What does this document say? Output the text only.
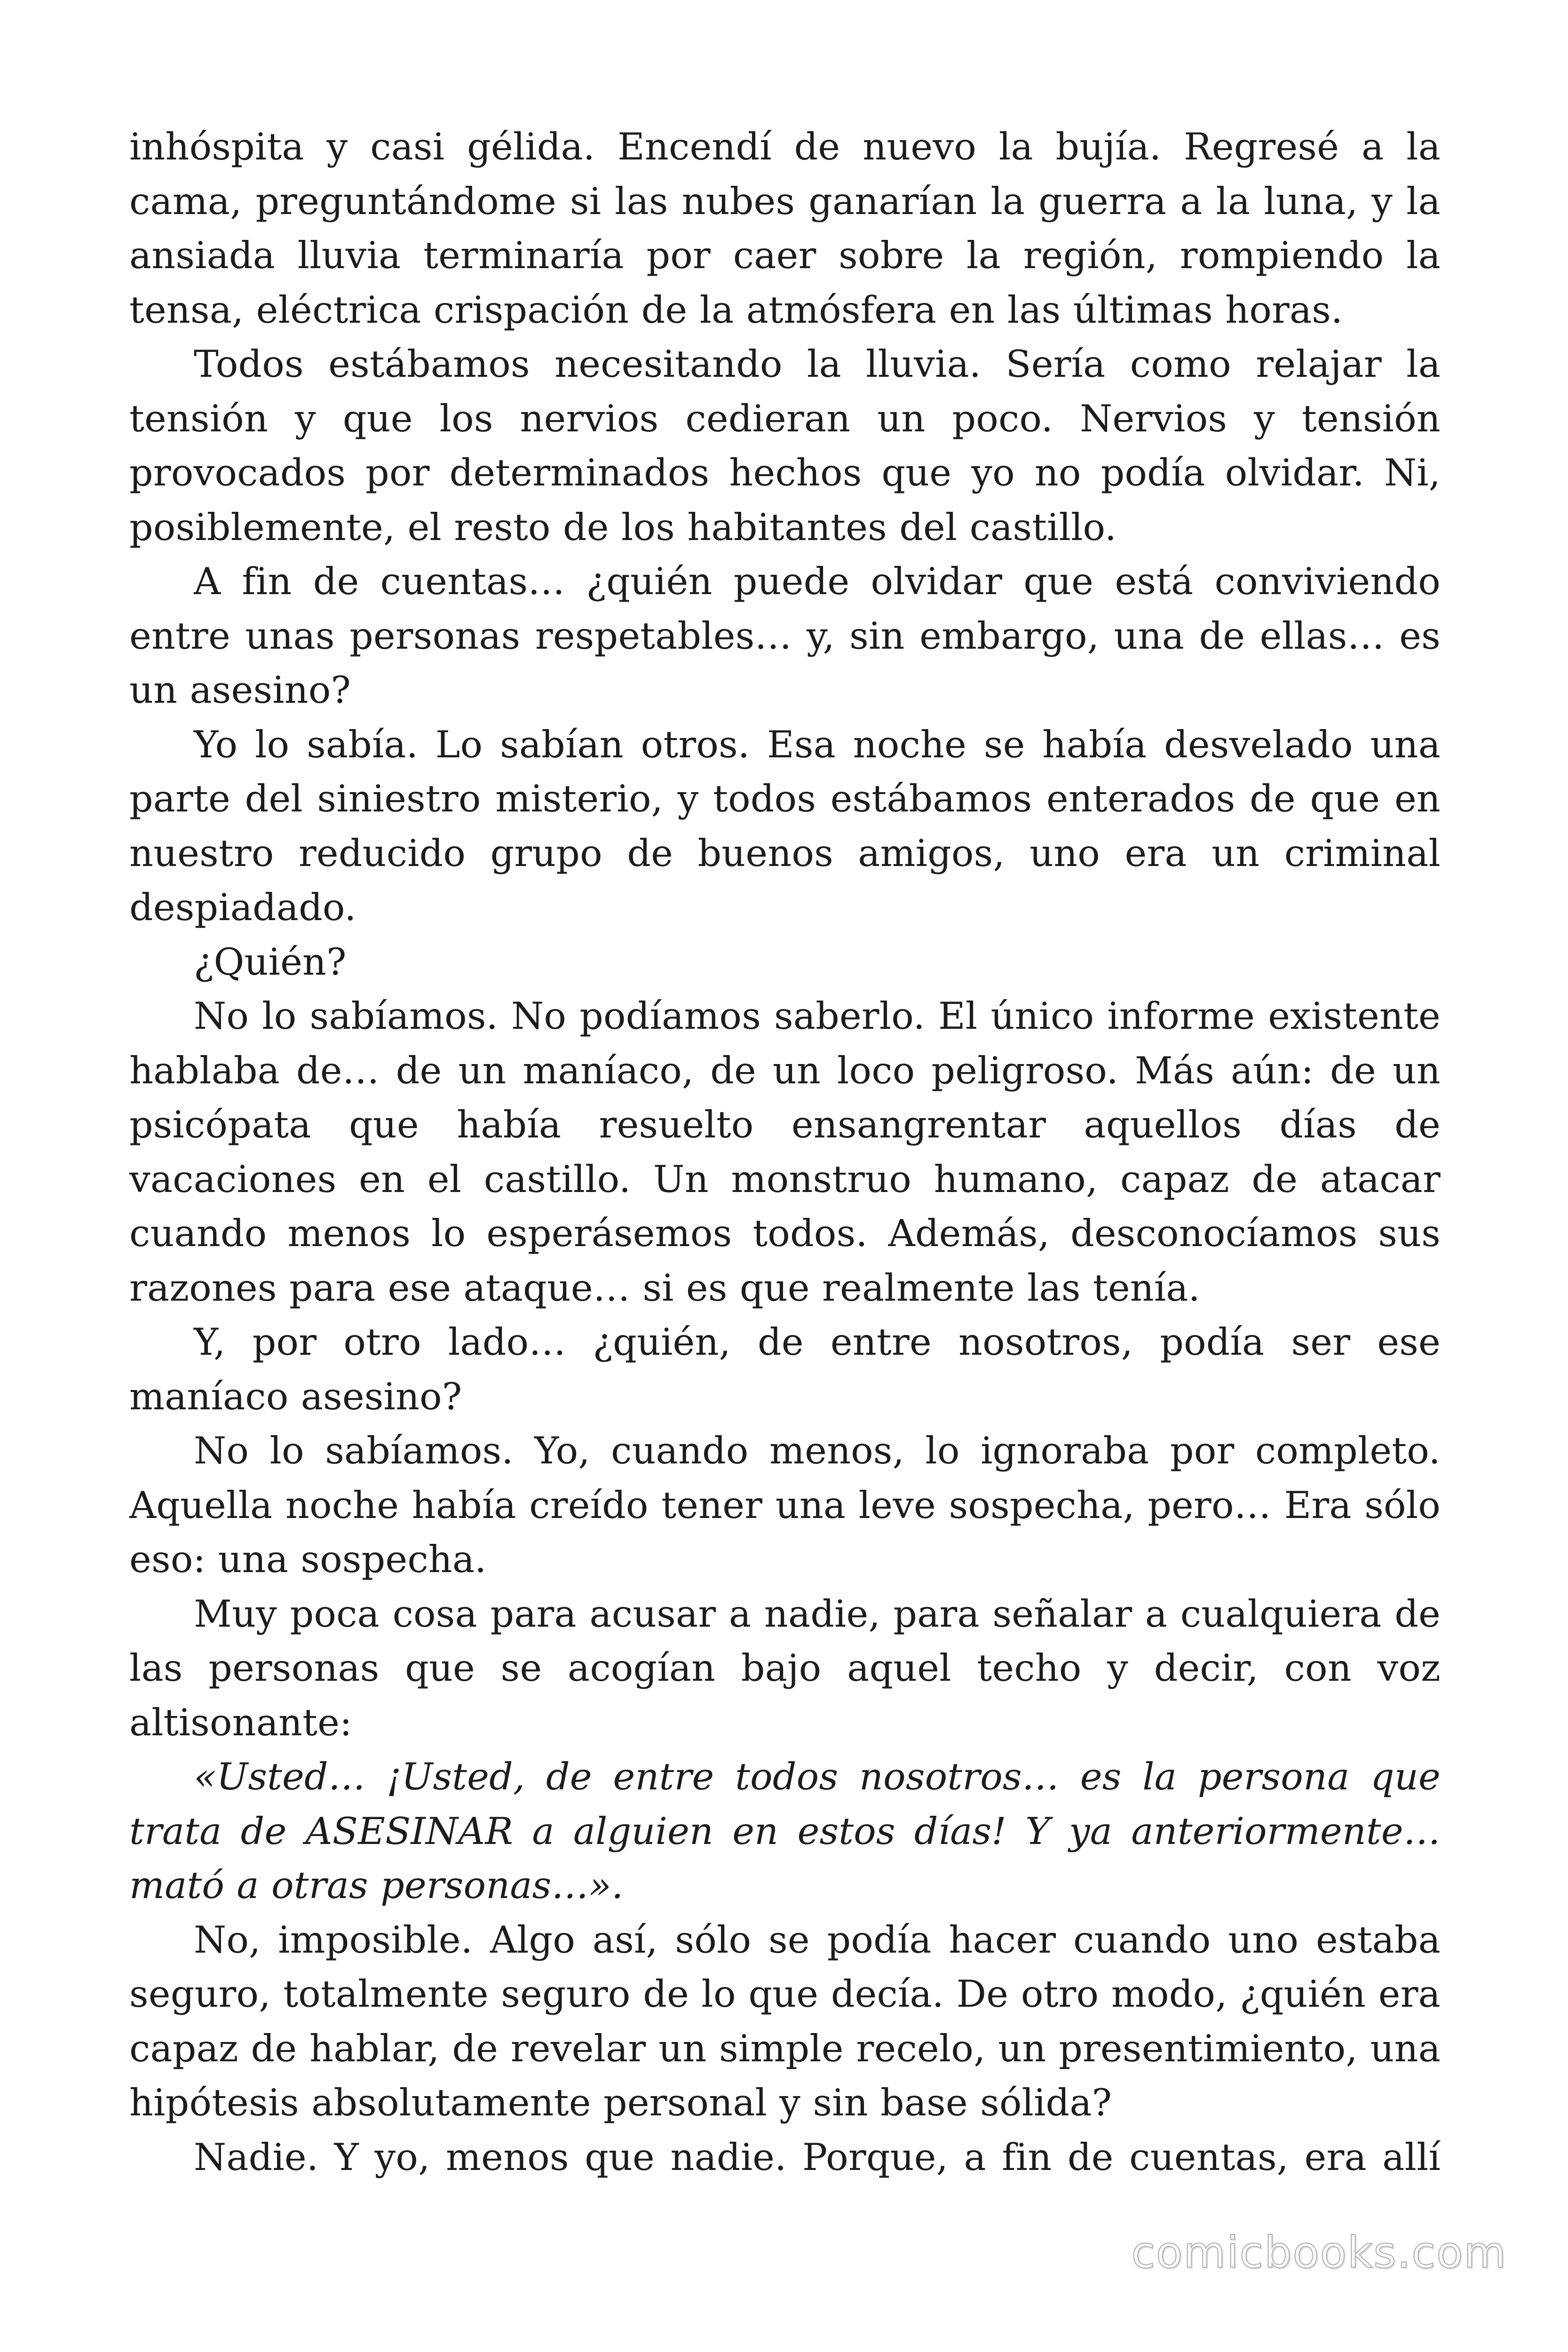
inhóspita y casi gélida. Encendí de nuevo la bujía. Regresé a la cama, preguntándome si las nubes ganarían la guerra a la luna, y la ansiada lluvia terminaría por caer sobre la región, rompiendo la tensa, eléctrica crispación de la atmósfera en las últimas horas.

Todos estábamos necesitando la lluvia. Sería como relajar la tensión y que los nervios cedieran un poco. Nervios y tensión provocados por determinados hechos que yo no podía olvidar. Ni, posiblemente, el resto de los habitantes del castillo.

A fin de cuentas… ¿quién puede olvidar que está conviviendo entre unas personas respetables… y, sin embargo, una de ellas… es un asesino?

Yo lo sabía. Lo sabían otros. Esa noche se había desvelado una parte del siniestro misterio, y todos estábamos enterados de que en nuestro reducido grupo de buenos amigos, uno era un criminal despiadado.

¿Quién?

No lo sabíamos. No podíamos saberlo. El único informe existente hablaba de… de un maníaco, de un loco peligroso. Más aún: de un psicópata que había resuelto ensangrentar aquellos días de vacaciones en el castillo. Un monstruo humano, capaz de atacar cuando menos lo esperásemos todos. Además, desconocíamos sus razones para ese ataque… si es que realmente las tenía.

Y, por otro lado… ¿quién, de entre nosotros, podía ser ese maníaco asesino?

No lo sabíamos. Yo, cuando menos, lo ignoraba por completo. Aquella noche había creído tener una leve sospecha, pero… Era sólo eso: una sospecha.

Muy poca cosa para acusar a nadie, para señalar a cualquiera de las personas que se acogían bajo aquel techo y decir, con voz altisonante:

«Usted… ¡Usted, de entre todos nosotros… es la persona que trata de ASESINAR a alguien en estos días! Y ya anteriormente… mató a otras personas…».

No, imposible. Algo así, sólo se podía hacer cuando uno estaba seguro, totalmente seguro de lo que decía. De otro modo, ¿quién era capaz de hablar, de revelar un simple recelo, un presentimiento, una hipótesis absolutamente personal y sin base sólida?

Nadie. Y yo, menos que nadie. Porque, a fin de cuentas, era allí

comicbooks.com
